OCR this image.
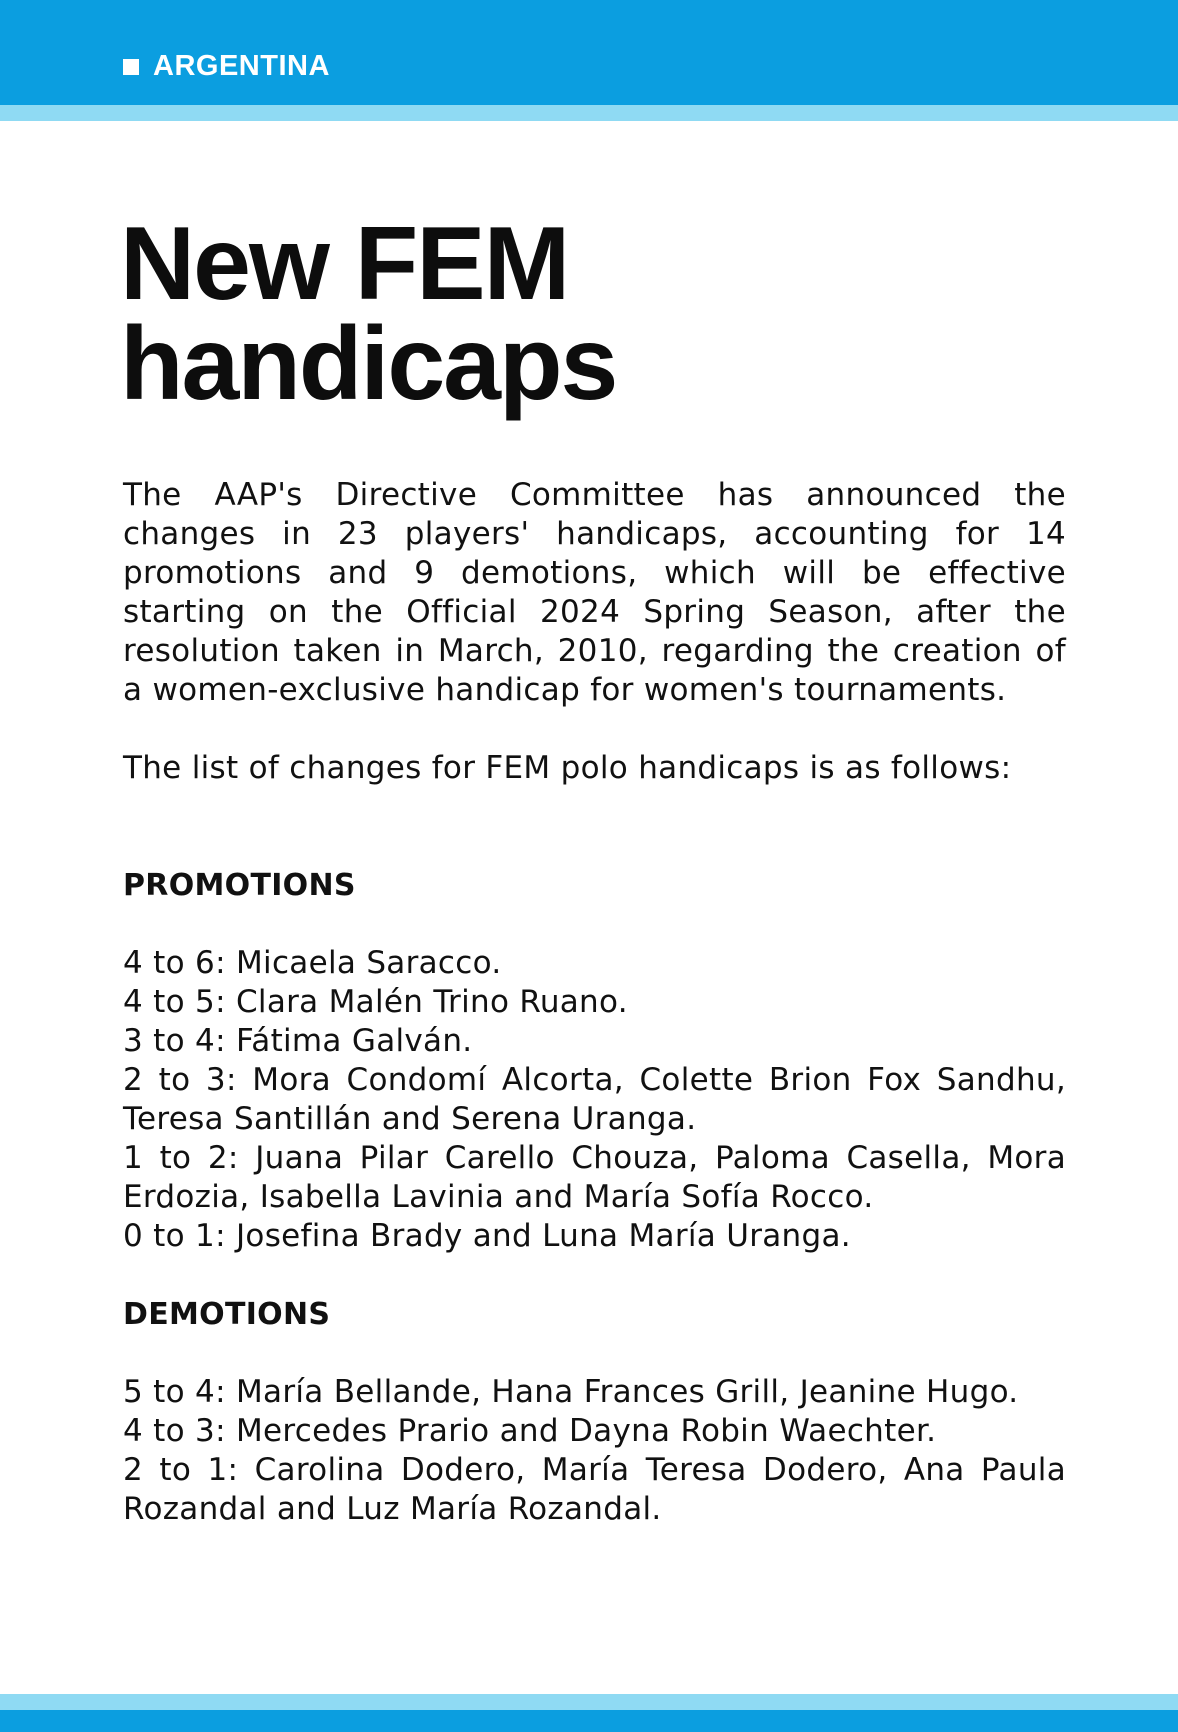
ARGENTINA
New FEM
handicaps

The AAP's Directive Committee has announced the changes in 23 players' handicaps, accounting for 14 promotions and 9 demotions, which will be effective starting on the Official 2024 Spring Season, after the resolution taken in March, 2010, regarding the creation of a women-exclusive handicap for women's tournaments.

The list of changes for FEM polo handicaps is as follows:

PROMOTIONS
4 to 6: Micaela Saracco.
4 to 5: Clara Malén Trino Ruano.
3 to 4: Fátima Galván.
2 to 3: Mora Condomí Alcorta, Colette Brion Fox Sandhu, Teresa Santillán and Serena Uranga.
1 to 2: Juana Pilar Carello Chouza, Paloma Casella, Mora Erdozia, Isabella Lavinia and María Sofía Rocco.
0 to 1: Josefina Brady and Luna María Uranga.
DEMOTIONS
5 to 4: María Bellande, Hana Frances Grill, Jeanine Hugo.
4 to 3: Mercedes Prario and Dayna Robin Waechter.
2 to 1: Carolina Dodero, María Teresa Dodero, Ana Paula Rozandal and Luz María Rozandal.
